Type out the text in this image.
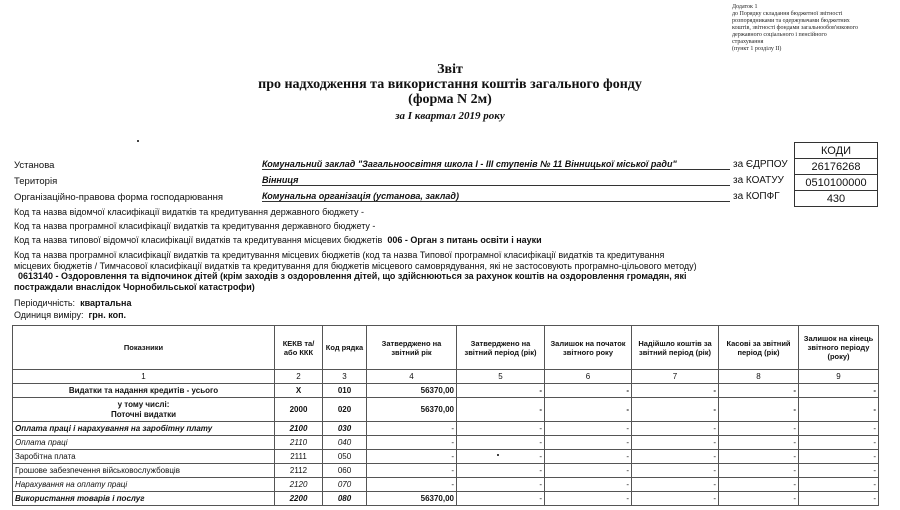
Додаток 1
до Порядку складання бюджетної звітності
розпорядниками та одержувачами бюджетних
коштів, звітності фондами загальнообов'язкового
державного соціального і пенсійного
страхування
(пункт 1 розділу ІІ)
Звіт
про надходження та використання коштів загального фонду
(форма N 2м)
за I квартал 2019 року
КОДИ
26176268
0510100000
430
Установа	Комунальний заклад "Загальноосвітня школа I - III ступенів № 11 Вінницької міської ради"	за ЄДРПОУ
Територія	Вінниця	за КОАТУУ
Організаційно-правова форма господарювання	Комунальна організація (установа, заклад)	за КОПФГ
Код та назва відомчої класифікації видатків та кредитування державного бюджету -
Код та назва програмної класифікації видатків та кредитування державного бюджету -
Код та назва типової відомчої класифікації видатків та кредитування місцевих бюджетів 006 - Орган з питань освіти і науки
Код та назва програмної класифікації видатків та кредитування місцевих бюджетів (код та назва Типової програмної класифікації видатків та кредитування
місцевих бюджетів / Тимчасової класифікації видатків та кредитування для бюджетів місцевого самоврядування, які не застосовують програмно-цільового методу)
0613140 - Оздоровлення та відпочинок дітей (крім заходів з оздоровлення дітей, що здійснюються за рахунок коштів на оздоровлення громадян, які
постраждали внаслідок Чорнобильської катастрофи)
Періодичність: квартальна
Одиниця виміру: грн. коп.
Показники	КЕКВ та/або ККК	Код рядка	Затверджено на звітний рік	Затверджено на звітний період (рік)	Залишок на початок звітного року	Надійшло коштів за звітний період (рік)	Касові за звітний період (рік)	Залишок на кінець звітного періоду (року)
1	2	3	4	5	6	7	8	9
Видатки та надання кредитів - усього	Х	010	56370,00	-	-	-	-	-

у тому числі:
Поточні видатки	2000	020	56370,00	-	-	-	-	-
Оплата праці і нарахування на заробітну плату	2100	030	-	-	-	-	-	-
Оплата праці	2110	040	-	-	-	-	-	-
Заробітна плата	2111	050	-	-	-	-	-	-
Грошове забезпечення військовослужбовців	2112	060	-	-	-	-	-	-
Нарахування на оплату праці	2120	070	-	-	-	-	-	-
Використання товарів і послуг	2200	080	56370,00	-	-	-	-	-
